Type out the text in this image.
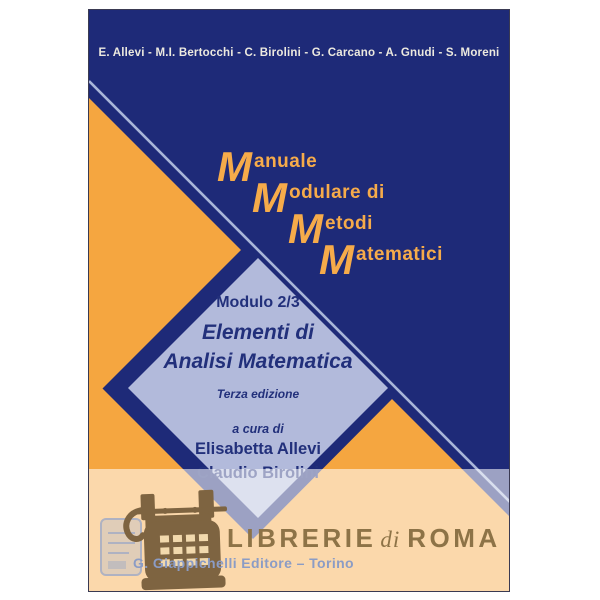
E. Allevi - M.I. Bertocchi - C. Birolini - G. Carcano - A. Gnudi - S. Moreni
M anuale
M odulare di
M etodi
M atematici
Modulo 2/3
Elementi di
Analisi Matematica
Terza edizione
a cura di
Elisabetta Allevi
LIBRERIE di ROMA
G. Giappichelli Editore – Torino
